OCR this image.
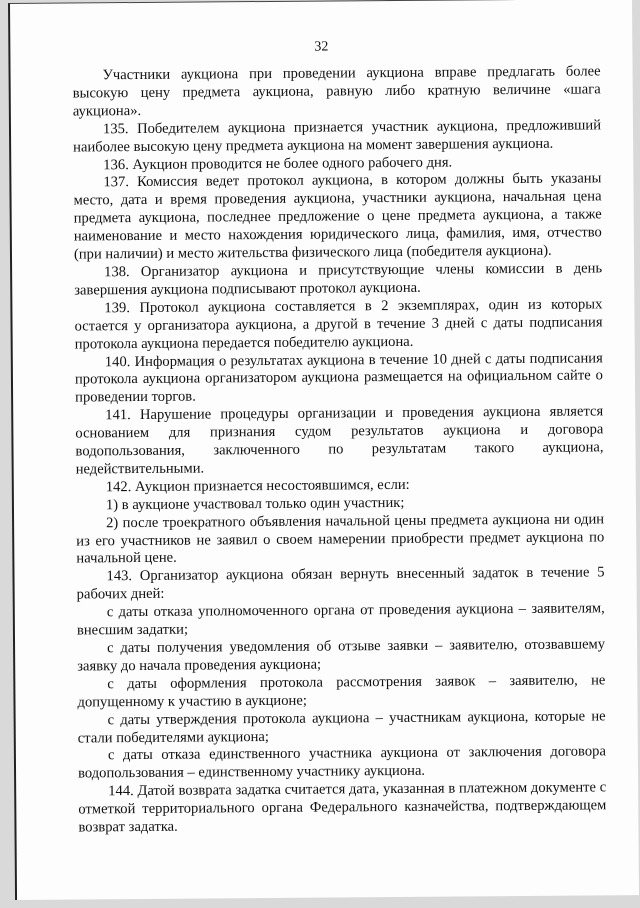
32

Участники аукциона при проведении аукциона вправе предлагать более высокую цену предмета аукциона, равную либо кратную величине «шага аукциона».

135. Победителем аукциона признается участник аукциона, предложивший наиболее высокую цену предмета аукциона на момент завершения аукциона.

136. Аукцион проводится не более одного рабочего дня.

137. Комиссия ведет протокол аукциона, в котором должны быть указаны место, дата и время проведения аукциона, участники аукциона, начальная цена предмета аукциона, последнее предложение о цене предмета аукциона, а также наименование и место нахождения юридического лица, фамилия, имя, отчество (при наличии) и место жительства физического лица (победителя аукциона).

138. Организатор аукциона и присутствующие члены комиссии в день завершения аукциона подписывают протокол аукциона.

139. Протокол аукциона составляется в 2 экземплярах, один из которых остается у организатора аукциона, а другой в течение 3 дней с даты подписания протокола аукциона передается победителю аукциона.

140. Информация о результатах аукциона в течение 10 дней с даты подписания протокола аукциона организатором аукциона размещается на официальном сайте о проведении торгов.

141. Нарушение процедуры организации и проведения аукциона является основанием для признания судом результатов аукциона и договора водопользования, заключенного по результатам такого аукциона, недействительными.

142. Аукцион признается несостоявшимся, если:

1) в аукционе участвовал только один участник;

2) после троекратного объявления начальной цены предмета аукциона ни один из его участников не заявил о своем намерении приобрести предмет аукциона по начальной цене.

143. Организатор аукциона обязан вернуть внесенный задаток в течение 5 рабочих дней:

с даты отказа уполномоченного органа от проведения аукциона – заявителям, внесшим задатки;

с даты получения уведомления об отзыве заявки – заявителю, отозвавшему заявку до начала проведения аукциона;

с даты оформления протокола рассмотрения заявок – заявителю, не допущенному к участию в аукционе;

с даты утверждения протокола аукциона – участникам аукциона, которые не стали победителями аукциона;

с даты отказа единственного участника аукциона от заключения договора водопользования – единственному участнику аукциона.

144. Датой возврата задатка считается дата, указанная в платежном документе с отметкой территориального органа Федерального казначейства, подтверждающем возврат задатка.
